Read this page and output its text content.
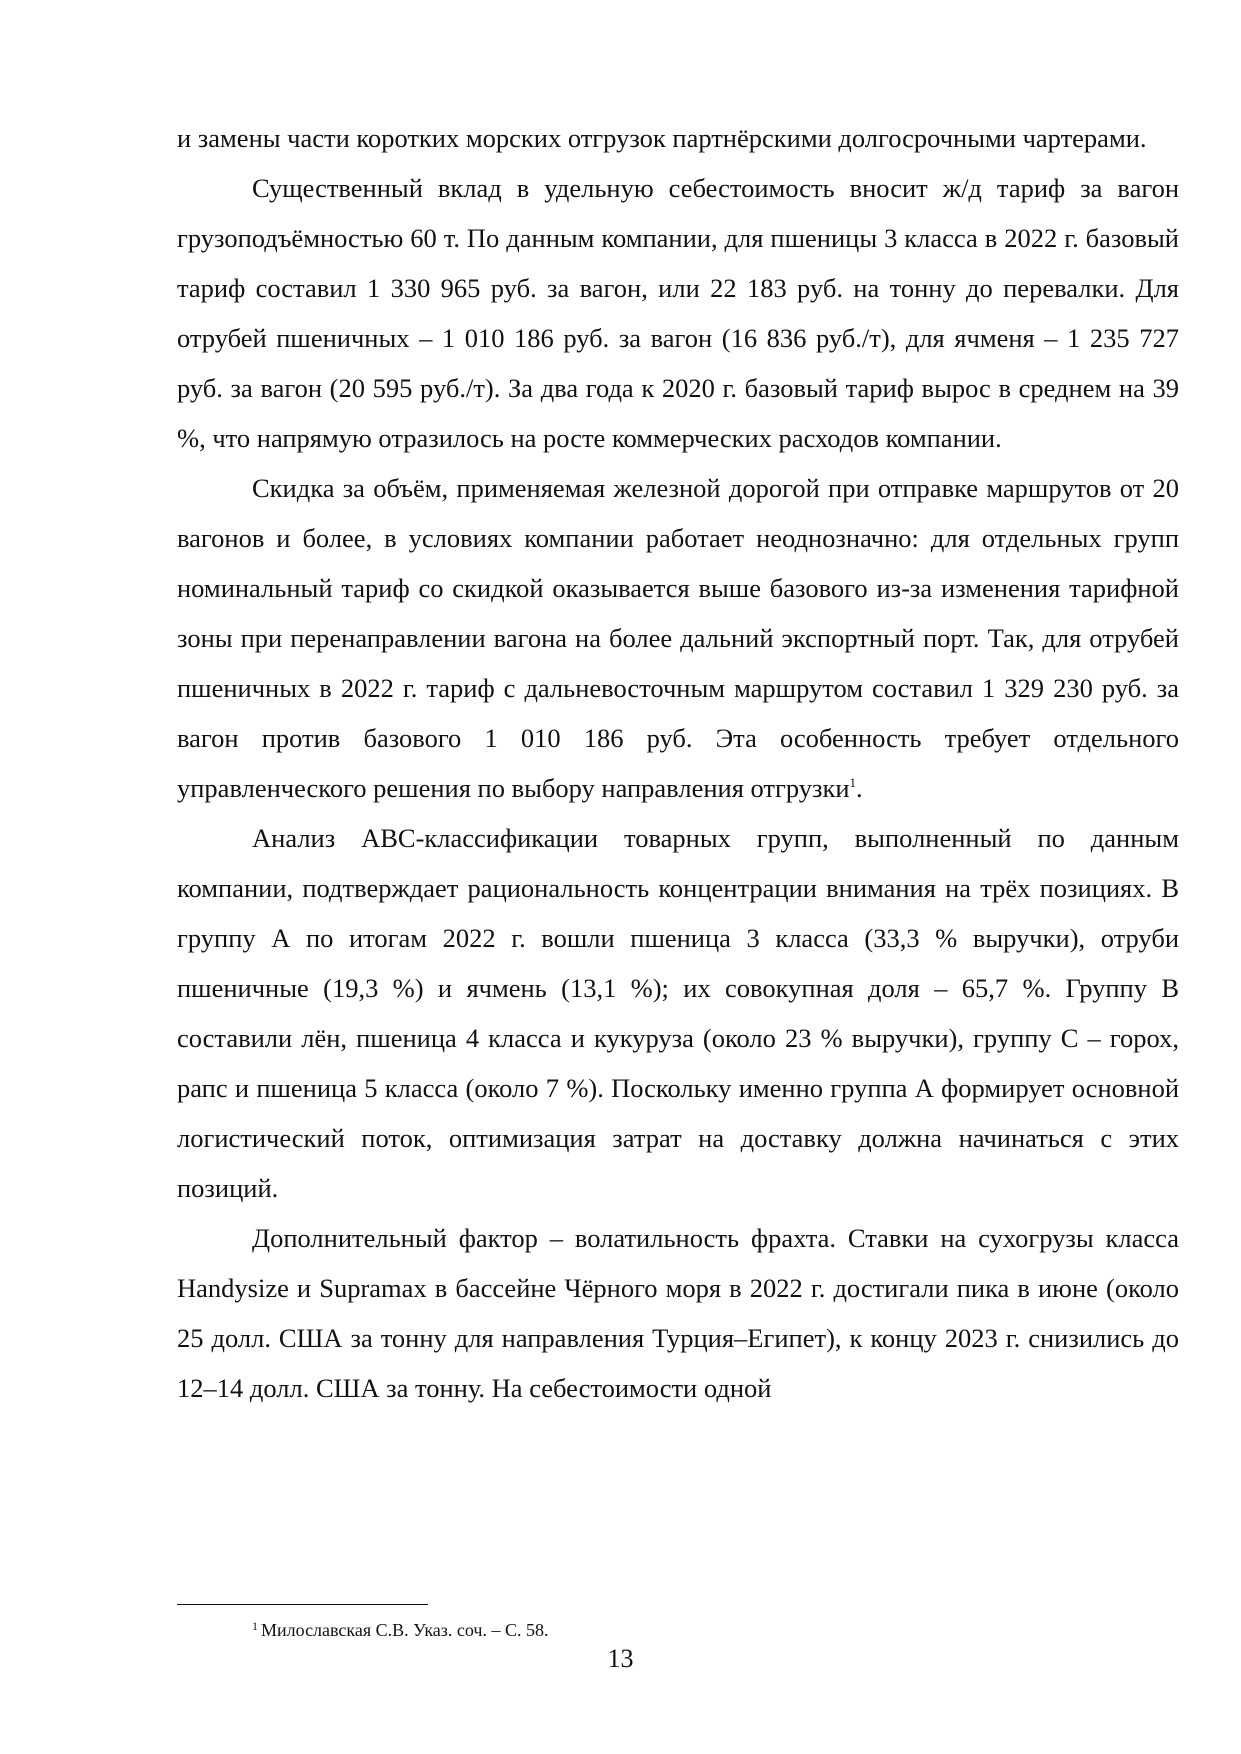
и замены части коротких морских отгрузок партнёрскими долгосрочными чартерами.

Существенный вклад в удельную себестоимость вносит ж/д тариф за вагон грузоподъёмностью 60 т. По данным компании, для пшеницы 3 класса в 2022 г. базовый тариф составил 1 330 965 руб. за вагон, или 22 183 руб. на тонну до перевалки. Для отрубей пшеничных – 1 010 186 руб. за вагон (16 836 руб./т), для ячменя – 1 235 727 руб. за вагон (20 595 руб./т). За два года к 2020 г. базовый тариф вырос в среднем на 39 %, что напрямую отразилось на росте коммерческих расходов компании.

Скидка за объём, применяемая железной дорогой при отправке маршрутов от 20 вагонов и более, в условиях компании работает неоднозначно: для отдельных групп номинальный тариф со скидкой оказывается выше базового из-за изменения тарифной зоны при перенаправлении вагона на более дальний экспортный порт. Так, для отрубей пшеничных в 2022 г. тариф с дальневосточным маршрутом составил 1 329 230 руб. за вагон против базового 1 010 186 руб. Эта особенность требует отдельного управленческого решения по выбору направления отгрузки$^1$.

Анализ ABC-классификации товарных групп, выполненный по данным компании, подтверждает рациональность концентрации внимания на трёх позициях. В группу А по итогам 2022 г. вошли пшеница 3 класса (33,3 % выручки), отруби пшеничные (19,3 %) и ячмень (13,1 %); их совокупная доля – 65,7 %. Группу B составили лён, пшеница 4 класса и кукуруза (около 23 % выручки), группу C – горох, рапс и пшеница 5 класса (около 7 %). Поскольку именно группа А формирует основной логистический поток, оптимизация затрат на доставку должна начинаться с этих позиций.

Дополнительный фактор – волатильность фрахта. Ставки на сухогрузы класса Handysize и Supramax в бассейне Чёрного моря в 2022 г. достигали пика в июне (около 25 долл. США за тонну для направления Турция–Египет), к концу 2023 г. снизились до 12–14 долл. США за тонну. На себестоимости одной

$^1$ Милославская С.В. Указ. соч. – С. 58.
13
